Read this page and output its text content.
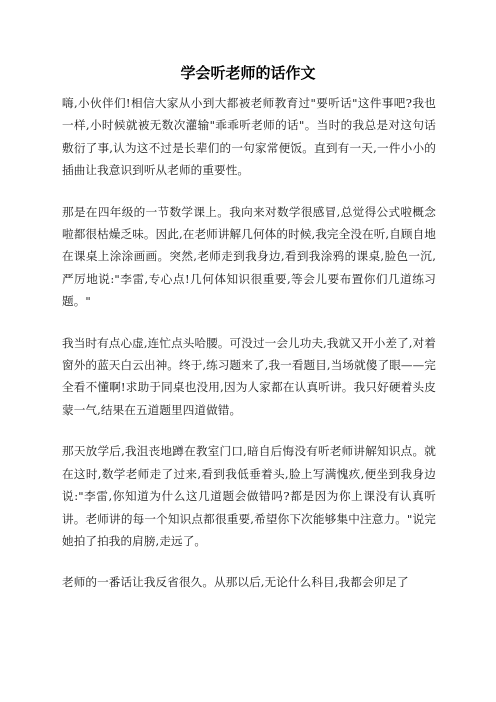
学会听老师的话作文

嗨,小伙伴们!相信大家从小到大都被老师教育过"要听话"这件事吧?我也一样,小时候就被无数次灌输"乖乖听老师的话"。当时的我总是对这句话敷衍了事,认为这不过是长辈们的一句家常便饭。直到有一天,一件小小的插曲让我意识到听从老师的重要性。

那是在四年级的一节数学课上。我向来对数学很感冒,总觉得公式啦概念啦都很枯燥乏味。因此,在老师讲解几何体的时候,我完全没在听,自顾自地在课桌上涂涂画画。突然,老师走到我身边,看到我涂鸦的课桌,脸色一沉,严厉地说:"李雷,专心点!几何体知识很重要,等会儿要布置你们几道练习题。"

我当时有点心虚,连忙点头哈腰。可没过一会儿功夫,我就又开小差了,对着窗外的蓝天白云出神。终于,练习题来了,我一看题目,当场就傻了眼——完全看不懂啊!求助于同桌也没用,因为人家都在认真听讲。我只好硬着头皮蒙一气,结果在五道题里四道做错。

那天放学后,我沮丧地蹲在教室门口,暗自后悔没有听老师讲解知识点。就在这时,数学老师走了过来,看到我低垂着头,脸上写满愧疚,便坐到我身边说:"李雷,你知道为什么这几道题会做错吗?都是因为你上课没有认真听讲。老师讲的每一个知识点都很重要,希望你下次能够集中注意力。"说完她拍了拍我的肩膀,走远了。

老师的一番话让我反省很久。从那以后,无论什么科目,我都会卯足了
